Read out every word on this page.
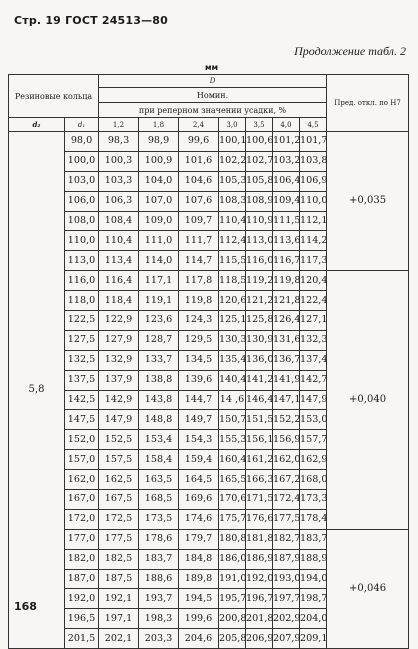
Стр. 19 ГОСТ 24513—80
Продолжение табл. 2
мм
Резиновые кольца		D							Пред. откл. по Н7
		Номин.							
		при реперном значении усадки, %							
d₂	d₁	1,2	1,8	2,4	3,0	3,5	4,0	4,5	
5,8	98,0	98,3	98,9	99,6	100,1	100,6	101,2	101,7	+0,035
	100,0	100,3	100,9	101,6	102,2	102,7	103,2	103,8	
	103,0	103,3	104,0	104,6	105,3	105,8	106,4	106,9	
	106,0	106,3	107,0	107,6	108,3	108,9	109,4	110,0	
	108,0	108,4	109,0	109,7	110,4	110,9	111,5	112,1	
	110,0	110,4	111,0	111,7	112,4	113,0	113,6	114,2	
	113,0	113,4	114,0	114,7	115,5	116,0	116,7	117,3	
	116,0	116,4	117,1	117,8	118,5	119,2	119,8	120,4	+0,040
	118,0	118,4	119,1	119,8	120,6	121,2	121,8	122,4	
	122,5	122,9	123,6	124,3	125,1	125,8	126,4	127,1	
	127,5	127,9	128,7	129,5	130,3	130,9	131,6	132,3	
	132,5	132,9	133,7	134,5	135,4	136,0	136,7	137,4	
	137,5	137,9	138,8	139,6	140,4	141,2	141,9	142,7	
	142,5	142,9	143,8	144,7	14 ,6	146,4	147,1	147,9	
	147,5	147,9	148,8	149,7	150,7	151,5	152,2	153,0	
	152,0	152,5	153,4	154,3	155,3	156,1	156,9	157,7	
	157,0	157,5	158,4	159,4	160,4	161,2	162,0	162,9	
	162,0	162,5	163,5	164,5	165,5	166,3	167,2	168,0	
	167,0	167,5	168,5	169,6	170,6	171,5	172,4	173,3	
	172,0	172,5	173,5	174,6	175,7	176,6	177,5	178,4	
	177,0	177,5	178,6	179,7	180,8	181,8	182,7	183,7	+0,046
	182,0	182,5	183,7	184,8	186,0	186,9	187,9	188,9	
	187,0	187,5	188,6	189,8	191,0	192,0	193,0	194,0	
	192,0	192,1	193,7	194,5	195,7	196,7	197,7	198,7	
	196,5	197,1	198,3	199,6	200,8	201,8	202,9	204,0	
	201,5	202,1	203,3	204,6	205,8	206,9	207,9	209,1	
168
